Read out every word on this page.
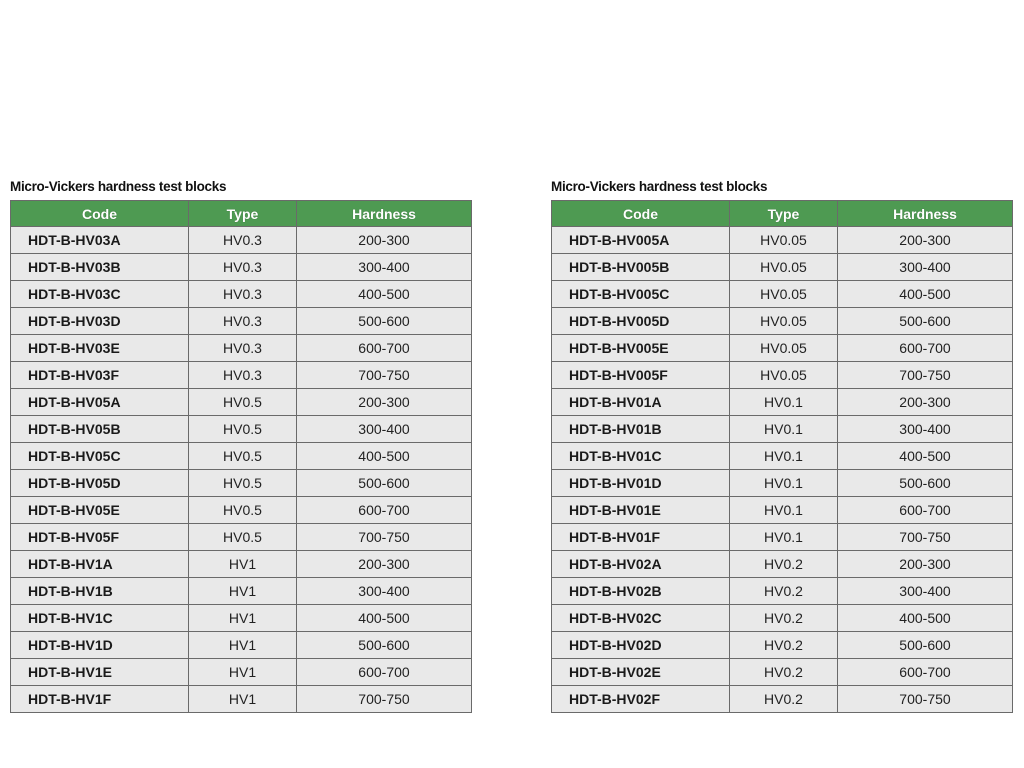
Micro-Vickers hardness test blocks
Code	Type	Hardness
HDT-B-HV03A	HV0.3	200-300
HDT-B-HV03B	HV0.3	300-400
HDT-B-HV03C	HV0.3	400-500
HDT-B-HV03D	HV0.3	500-600
HDT-B-HV03E	HV0.3	600-700
HDT-B-HV03F	HV0.3	700-750
HDT-B-HV05A	HV0.5	200-300
HDT-B-HV05B	HV0.5	300-400
HDT-B-HV05C	HV0.5	400-500
HDT-B-HV05D	HV0.5	500-600
HDT-B-HV05E	HV0.5	600-700
HDT-B-HV05F	HV0.5	700-750
HDT-B-HV1A	HV1	200-300
HDT-B-HV1B	HV1	300-400
HDT-B-HV1C	HV1	400-500
HDT-B-HV1D	HV1	500-600
HDT-B-HV1E	HV1	600-700
HDT-B-HV1F	HV1	700-750
Micro-Vickers hardness test blocks
Code	Type	Hardness
HDT-B-HV005A	HV0.05	200-300
HDT-B-HV005B	HV0.05	300-400
HDT-B-HV005C	HV0.05	400-500
HDT-B-HV005D	HV0.05	500-600
HDT-B-HV005E	HV0.05	600-700
HDT-B-HV005F	HV0.05	700-750
HDT-B-HV01A	HV0.1	200-300
HDT-B-HV01B	HV0.1	300-400
HDT-B-HV01C	HV0.1	400-500
HDT-B-HV01D	HV0.1	500-600
HDT-B-HV01E	HV0.1	600-700
HDT-B-HV01F	HV0.1	700-750
HDT-B-HV02A	HV0.2	200-300
HDT-B-HV02B	HV0.2	300-400
HDT-B-HV02C	HV0.2	400-500
HDT-B-HV02D	HV0.2	500-600
HDT-B-HV02E	HV0.2	600-700
HDT-B-HV02F	HV0.2	700-750
